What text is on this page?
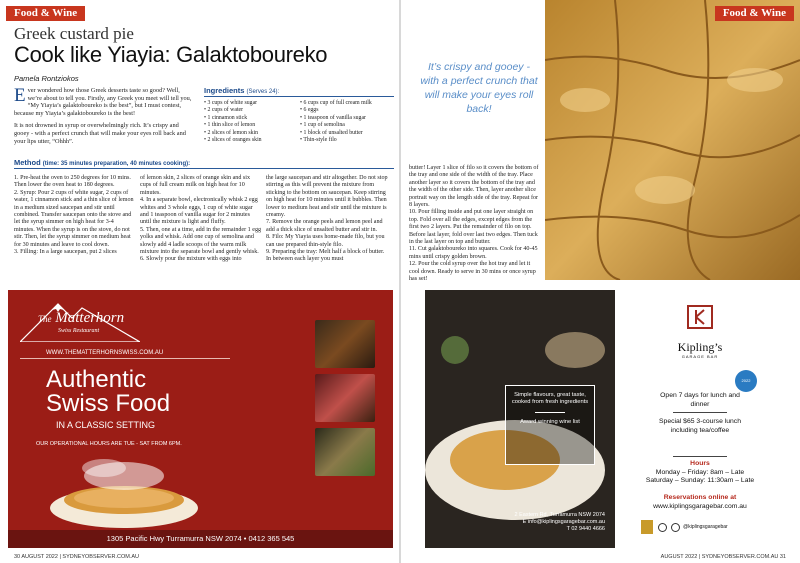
Food & Wine
Greek custard pie
Cook like Yiayia: Galaktoboureko
Pamela Rontziokos

Ever wondered how those Greek desserts taste so good? Well, we’re about to tell you. Firstly, any Greek you meet will tell you, “My Yiayia’s galaktoboureko is the best”, but I must contest, because my Yiayia’s galaktoboureko is the best!

It is not drowned in syrup or overwhelmingly rich. It’s crispy and gooey - with a perfect crunch that will make your eyes roll back and your lips utter, “Ohhh”.

Ingredients (Serves 24):
• 3 cups of white sugar
• 2 cups of water
• 1 cinnamon stick
• 1 thin slice of lemon
• 2 slices of lemon skin
• 2 slices of oranges skin
• 6 cups cup of full cream milk
• 6 eggs
• 1 teaspoon of vanilla sugar
• 1 cup of semolina
• 1 block of unsalted butter
• Thin-style filo
Method (time: 35 minutes preparation, 40 minutes cooking):
1. Pre-heat the oven to 250 degrees for 10 mins. Then lower the oven heat to 180 degrees.
2. Syrup: Pour 2 cups of white sugar, 2 cups of water, 1 cinnamon stick and a thin slice of lemon in a medium sized saucepan and stir until combined. Transfer saucepan onto the stove and let the syrup simmer on high heat for 3-4 minutes. When the syrup is on the stove, do not stir. Then, let the syrup simmer on medium heat for 30 minutes and leave to cool down.
3. Filling: In a large saucepan, put 2 slices
of lemon skin, 2 slices of orange skin and six cups of full cream milk on high heat for 10 minutes.
4. In a separate bowl, electronically whisk 2 egg whites and 3 whole eggs, 1 cup of white sugar and 1 teaspoon of vanilla sugar for 2 minutes until the mixture is light and fluffy.
5. Then, one at a time, add in the remainder 1 egg yolks and whisk. Add one cup of semolina and slowly add 4 ladle scoops of the warm milk mixture into the separate bowl and gently whisk.
6. Slowly pour the mixture with eggs into
the large saucepan and stir altogether. Do not stop stirring as this will prevent the mixture from sticking to the bottom on saucepan. Keep stirring on high heat for 10 minutes until it bubbles. Then lower to medium heat and stir until the mixture is creamy.
7. Remove the orange peels and lemon peel and add a thick slice of unsalted butter and stir in.
8. Filo: My Yiayia uses home-made filo, but you can use prepared thin-style filo.
9. Preparing the tray: Melt half a block of butter. In between each layer you must
The Matterhorn
Swiss Restaurant
WWW.THEMATTERHORNSWISS.COM.AU
Authentic
Swiss Food
IN A CLASSIC SETTING
OUR OPERATIONAL HOURS ARE TUE - SAT FROM 6PM.
1305 Pacific Hwy Turramurra NSW 2074 • 0412 365 545
30 AUGUST 2022 | SYDNEYOBSERVER.COM.AU
Food & Wine
It’s crispy and gooey - with a perfect crunch that will make your eyes roll back!
butter! Layer 1 slice of filo so it covers the bottom of the tray and one side of the width of the tray. Place another layer so it covers the bottom of the tray and the width of the other side. Then, layer another slice portrait way on the length side of the tray. Repeat for 8 layers.
10. Pour filling inside and put one layer straight on top. Fold over all the edges, except edges from the first two 2 layers. Put the remainder of filo on top. Before last layer, fold over last two edges. Then tuck in the last layer on top and butter.
11. Cut galaktoboureko into squares. Cook for 40-45 mins until crispy golden brown.
12. Pour the cold syrup over the hot tray and let it cool down. Ready to serve in 30 mins or once syrup has set!
Simple flavours, great taste, cooked from fresh ingredients
Award winning wine list
2 Eastern Rd, Turramurra NSW 2074
E info@kiplingsgaragebar.com.au
T 02 9440 4666
Kipling’s
GARAGE BAR
2022
Open 7 days for lunch and dinner
Special $65 3-course lunch including tea/coffee
Hours
Monday – Friday: 8am – Late
Saturday – Sunday: 11:30am – Late
Reservations online at
www.kiplingsgaragebar.com.au
@kiplingsgaragebar
AUGUST 2022 | SYDNEYOBSERVER.COM.AU 31
